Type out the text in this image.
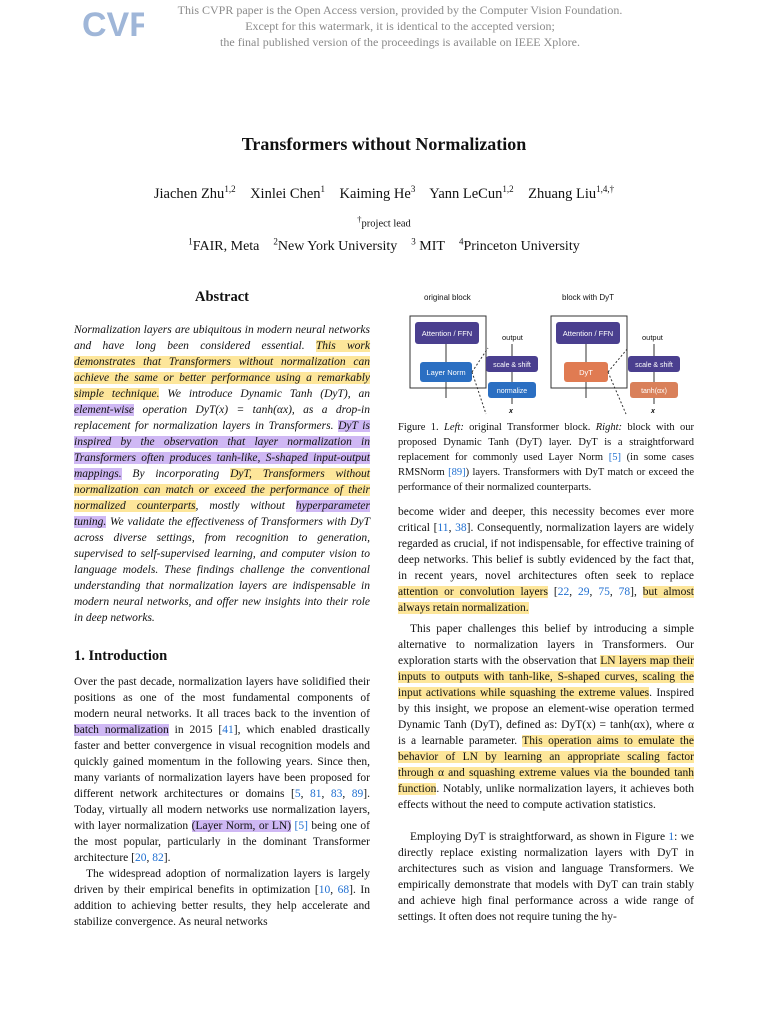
CVF	This CVPR paper is the Open Access version, provided by the Computer Vision Foundation.
Except for this watermark, it is identical to the accepted version;
the final published version of the proceedings is available on IEEE Xplore.
Transformers without Normalization
Jiachen Zhu$^{1,2}$ Xinlei Chen$^1$ Kaiming He$^3$ Yann LeCun$^{1,2}$ Zhuang Liu$^{1,4,\dagger}$
†project lead
$^1$FAIR, Meta $^2$New York University $^3$ MIT $^4$Princeton University
Abstract
Normalization layers are ubiquitous in modern neural networks and have long been considered essential. This work demonstrates that Transformers without normalization can achieve the same or better performance using a remarkably simple technique. We introduce Dynamic Tanh (DyT), an element-wise operation DyT(x) = tanh(αx), as a drop-in replacement for normalization layers in Transformers. DyT is inspired by the observation that layer normalization in Transformers often produces tanh-like, S-shaped input-output mappings. By incorporating DyT, Transformers without normalization can match or exceed the performance of their normalized counterparts, mostly without hyperparameter tuning. We validate the effectiveness of Transformers with DyT across diverse settings, from recognition to generation, supervised to self-supervised learning, and computer vision to language models. These findings challenge the conventional understanding that normalization layers are indispensable in modern neural networks, and offer new insights into their role in deep networks.
1. Introduction

Over the past decade, normalization layers have solidified their positions as one of the most fundamental components of modern neural networks. It all traces back to the invention of batch normalization in 2015 [41], which enabled drastically faster and better convergence in visual recognition models and quickly gained momentum in the following years. Since then, many variants of normalization layers have been proposed for different network architectures or domains [5, 81, 83, 89]. Today, virtually all modern networks use normalization layers, with layer normalization (Layer Norm, or LN) [5] being one of the most popular, particularly in the dominant Transformer architecture [20, 82].

The widespread adoption of normalization layers is largely driven by their empirical benefits in optimization [10, 68]. In addition to achieving better results, they help accelerate and stabilize convergence. As neural networks

original block
Attention / FFN
Layer Norm
output
scale & shift
normalize
x
block with DyT
Attention / FFN
DyT
output
scale & shift
tanh(αx)
x
Figure 1. Left: original Transformer block. Right: block with our proposed Dynamic Tanh (DyT) layer. DyT is a straightforward replacement for commonly used Layer Norm [5] (in some cases RMSNorm [89]) layers. Transformers with DyT match or exceed the performance of their normalized counterparts.
become wider and deeper, this necessity becomes ever more critical [11, 38]. Consequently, normalization layers are widely regarded as crucial, if not indispensable, for effective training of deep networks. This belief is subtly evidenced by the fact that, in recent years, novel architectures often seek to replace attention or convolution layers [22, 29, 75, 78], but almost always retain normalization.
This paper challenges this belief by introducing a simple alternative to normalization layers in Transformers. Our exploration starts with the observation that LN layers map their inputs to outputs with tanh-like, S-shaped curves, scaling the input activations while squashing the extreme values. Inspired by this insight, we propose an element-wise operation termed Dynamic Tanh (DyT), defined as: DyT(x) = tanh(αx), where α is a learnable parameter. This operation aims to emulate the behavior of LN by learning an appropriate scaling factor through α and squashing extreme values via the bounded tanh function. Notably, unlike normalization layers, it achieves both effects without the need to compute activation statistics.
Employing DyT is straightforward, as shown in Figure 1: we directly replace existing normalization layers with DyT in architectures such as vision and language Transformers. We empirically demonstrate that models with DyT can train stably and achieve high final performance across a wide range of settings. It often does not require tuning the hy-
